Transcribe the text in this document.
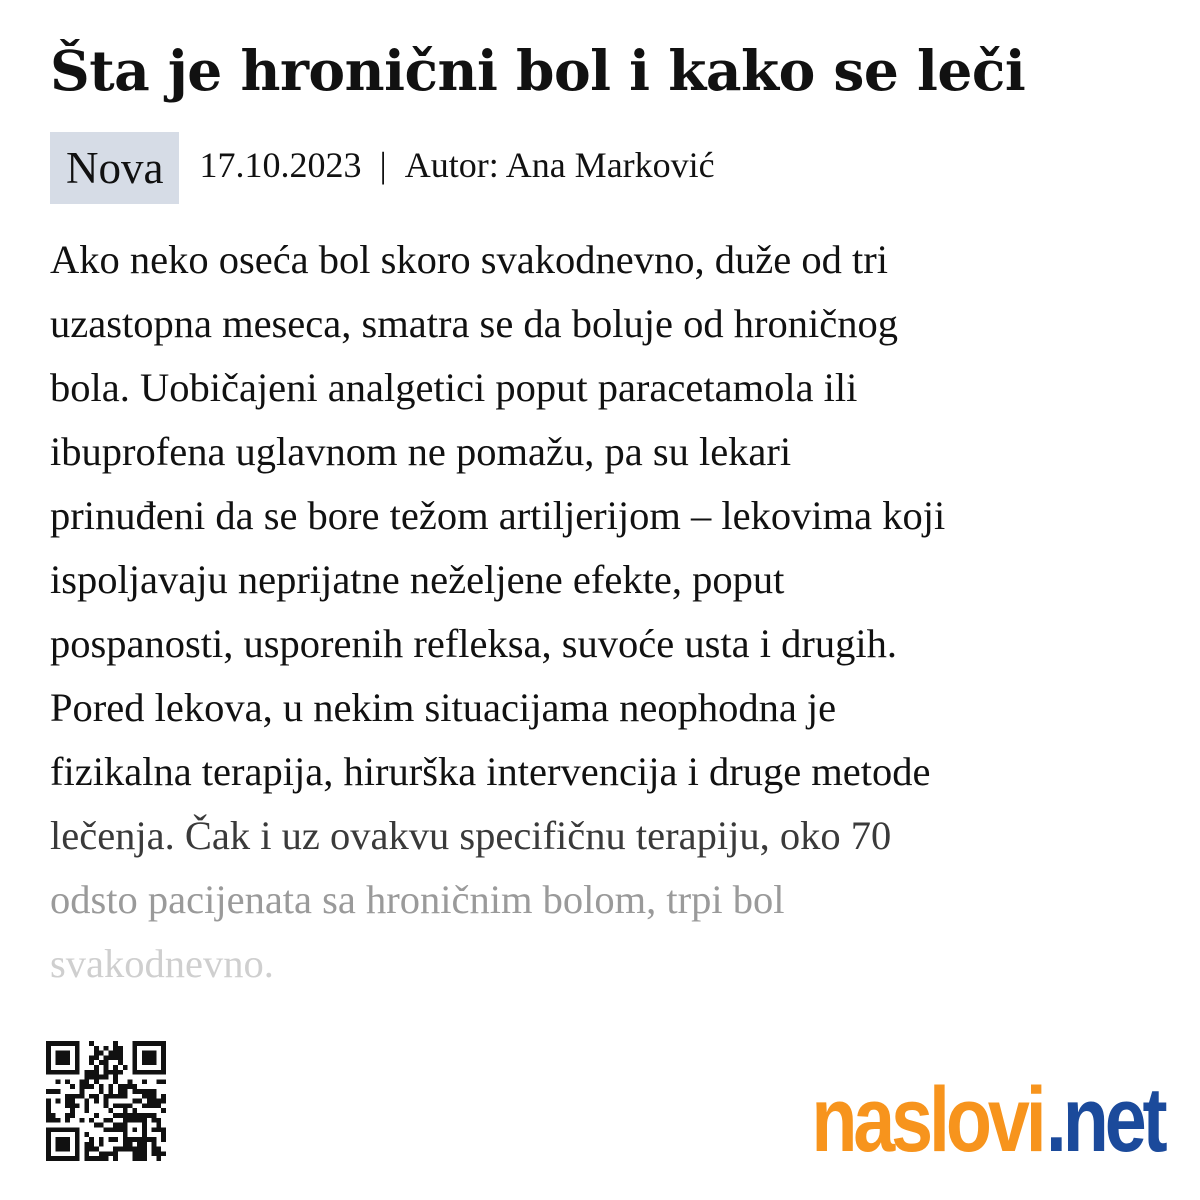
Šta je hronični bol i kako se leči
Nova	17.10.2023 | Autor: Ana Marković
Ako neko oseća bol skoro svakodnevno, duže od tri
uzastopna meseca, smatra se da boluje od hroničnog
bola. Uobičajeni analgetici poput paracetamola ili
ibuprofena uglavnom ne pomažu, pa su lekari
prinuđeni da se bore težom artiljerijom – lekovima koji
ispoljavaju neprijatne neželjene efekte, poput
pospanosti, usporenih refleksa, suvoće usta i drugih.
Pored lekova, u nekim situacijama neophodna je
fizikalna terapija, hirurška intervencija i druge metode
lečenja. Čak i uz ovakvu specifičnu terapiju, oko 70
odsto pacijenata sa hroničnim bolom, trpi bol
svakodnevno.
naslovi .net
